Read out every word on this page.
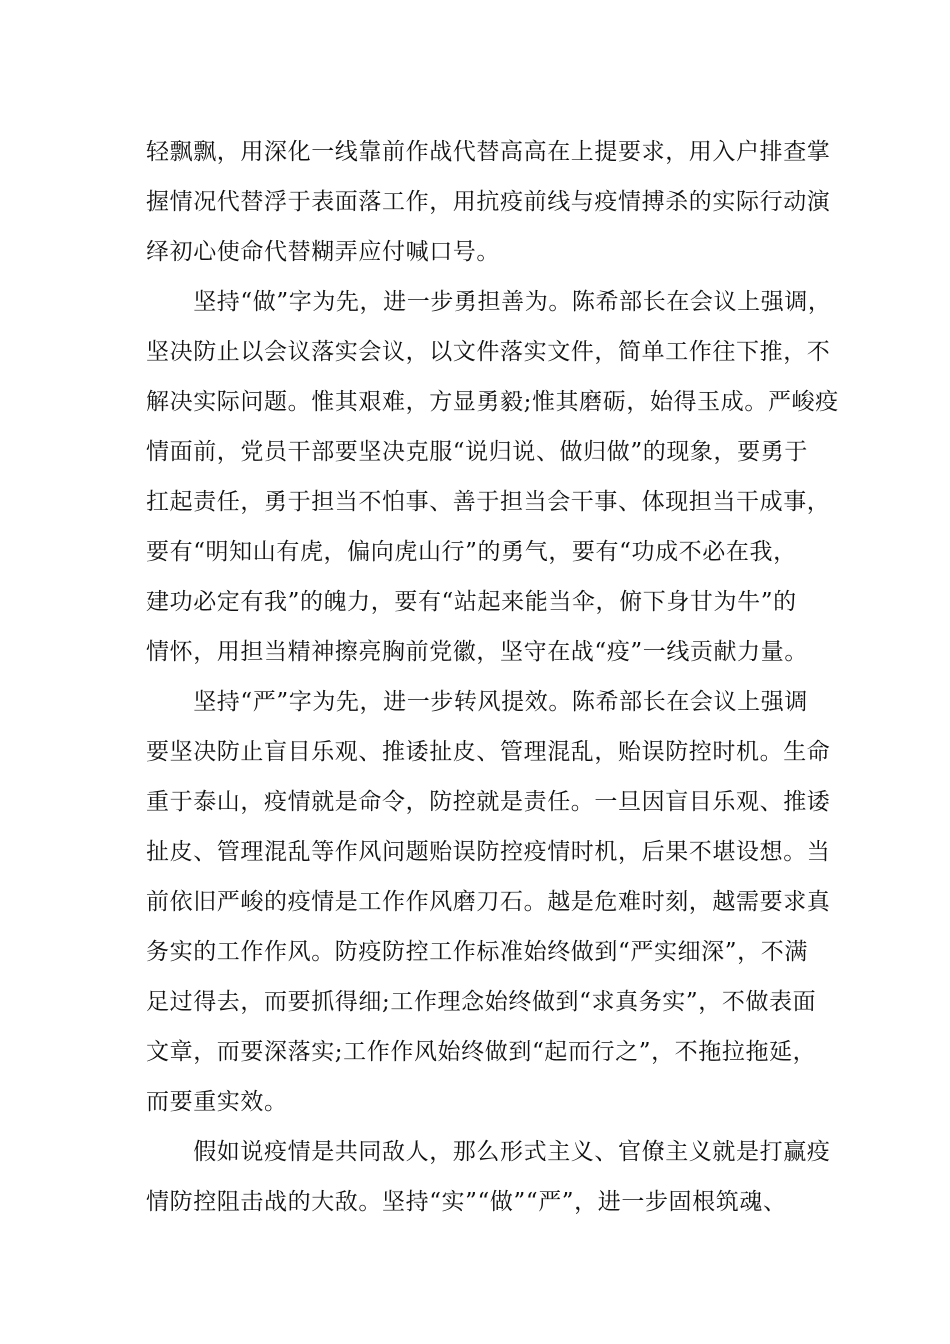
轻飘飘，用深化一线靠前作战代替高高在上提要求，用入户排查掌
握情况代替浮于表面落工作，用抗疫前线与疫情搏杀的实际行动演
绎初心使命代替糊弄应付喊口号。
　　坚持“做”字为先，进一步勇担善为。陈希部长在会议上强调，
坚决防止以会议落实会议，以文件落实文件，简单工作往下推，不
解决实际问题。惟其艰难，方显勇毅;惟其磨砺，始得玉成。严峻疫
情面前，党员干部要坚决克服“说归说、做归做”的现象，要勇于
扛起责任，勇于担当不怕事、善于担当会干事、体现担当干成事，
要有“明知山有虎，偏向虎山行”的勇气，要有“功成不必在我，
建功必定有我”的魄力，要有“站起来能当伞，俯下身甘为牛”的
情怀，用担当精神擦亮胸前党徽，坚守在战“疫”一线贡献力量。
　　坚持“严”字为先，进一步转风提效。陈希部长在会议上强调
要坚决防止盲目乐观、推诿扯皮、管理混乱，贻误防控时机。生命
重于泰山，疫情就是命令，防控就是责任。一旦因盲目乐观、推诿
扯皮、管理混乱等作风问题贻误防控疫情时机，后果不堪设想。当
前依旧严峻的疫情是工作作风磨刀石。越是危难时刻，越需要求真
务实的工作作风。防疫防控工作标准始终做到“严实细深”，不满
足过得去，而要抓得细;工作理念始终做到“求真务实”，不做表面
文章，而要深落实;工作作风始终做到“起而行之”，不拖拉拖延，
而要重实效。
　　假如说疫情是共同敌人，那么形式主义、官僚主义就是打赢疫
情防控阻击战的大敌。坚持“实”“做”“严”，进一步固根筑魂、
